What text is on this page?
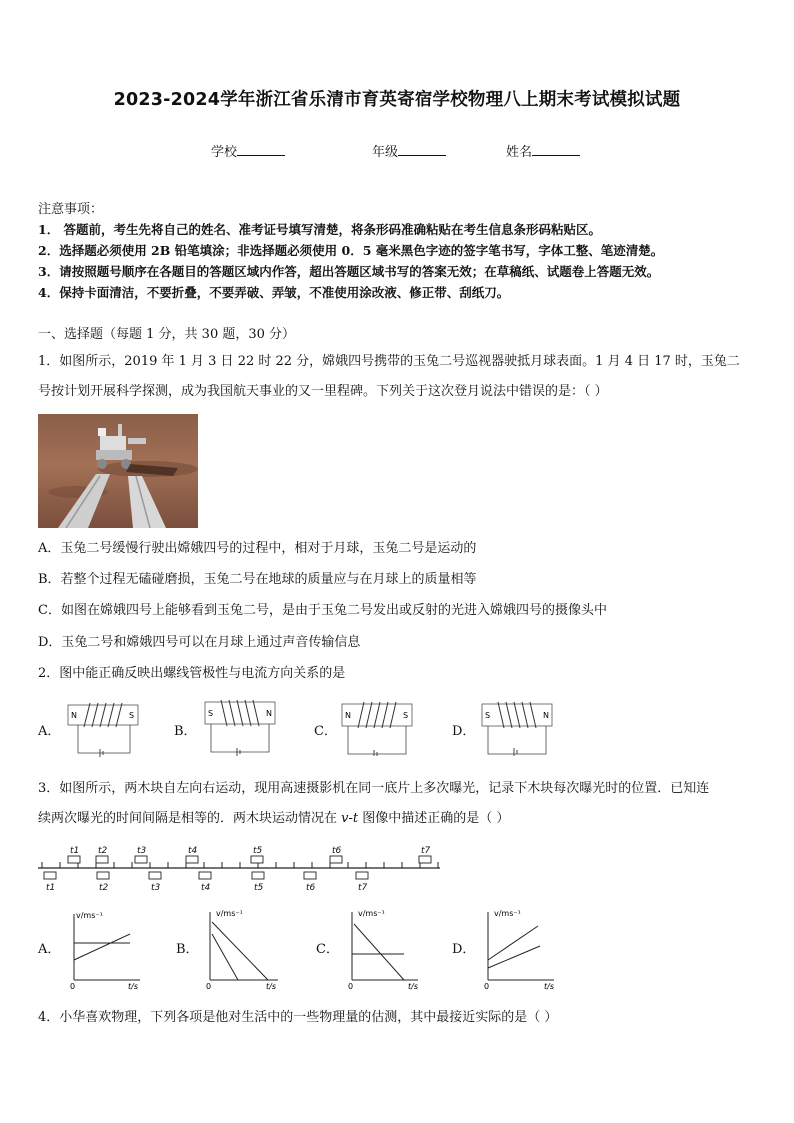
2023-2024学年浙江省乐清市育英寄宿学校物理八上期末考试模拟试题
学校	年级	姓名
注意事项：
1． 答题前，考生先将自己的姓名、准考证号填写清楚，将条形码准确粘贴在考生信息条形码粘贴区。
2．选择题必须使用 2B 铅笔填涂；非选择题必须使用 0．5 毫米黑色字迹的签字笔书写，字体工整、笔迹清楚。
3．请按照题号顺序在各题目的答题区域内作答，超出答题区域书写的答案无效；在草稿纸、试题卷上答题无效。
4．保持卡面清洁，不要折叠，不要弄破、弄皱，不准使用涂改液、修正带、刮纸刀。
一、选择题（每题 1 分，共 30 题，30 分）
1．如图所示，2019 年 1 月 3 日 22 时 22 分，嫦娥四号携带的玉兔二号巡视器驶抵月球表面。1 月 4 日 17 时，玉兔二
号按计划开展科学探测，成为我国航天事业的又一里程碑。下列关于这次登月说法中错误的是：（ ）
A．玉兔二号缓慢行驶出嫦娥四号的过程中，相对于月球，玉兔二号是运动的
B．若整个过程无磕碰磨损，玉兔二号在地球的质量应与在月球上的质量相等
C．如图在嫦娥四号上能够看到玉兔二号，是由于玉兔二号发出或反射的光进入嫦娥四号的摄像头中
D．玉兔二号和嫦娥四号可以在月球上通过声音传输信息
2．图中能正确反映出螺线管极性与电流方向关系的是
A．	B．	C．	D．
N	S	S	N	N	S	S	N
3．如图所示，两木块自左向右运动，现用高速摄影机在同一底片上多次曝光，记录下木块每次曝光时的位置．已知连
续两次曝光的时间间隔是相等的．两木块运动情况在 v-t 图像中描述正确的是（ ）
t1 t2	t3	t4	t5	t6	t7
t1	t2	t3	t4	t5	t6	t7
A．	B．	C．	D．
v/ms⁻¹
t/s
0
v/ms⁻¹
t/s
0
v/ms⁻¹
t/s
0
v/ms⁻¹
t/s
0
4．小华喜欢物理，下列各项是他对生活中的一些物理量的估测，其中最接近实际的是（ ）
